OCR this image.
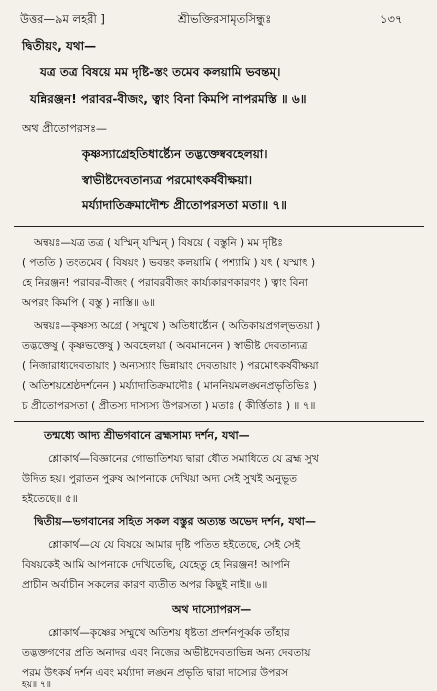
উত্তর—৯ম লহরী ]	শ্রীভক্তিরসামৃতসিন্ধুঃ	১৩৭
দ্বিতীয়ং, যথা—
যত্র তত্র বিষয়ে মম দৃষ্টি-স্তং তমেব কলয়ামি ভবন্তম্।
যন্নিরঞ্জন! পরাবর-বীজং, ত্বাং বিনা কিমপি নাপরমস্তি ॥ ৬॥
অথ প্রীতোপরসঃ—
কৃষ্ণস্যাগ্রেহতিধার্ষ্ট্যেন তদ্ভক্তেষ্ববহেলয়া।
স্বাভীষ্টদেবতান্যত্র পরমোৎকর্ষবীক্ষয়া।
মর্য্যাদাতিক্রমাদৌশ্চ প্রীতোপরসতা মতা॥ ৭॥
অন্বয়ঃ—যত্র তত্র ( যস্মিন্ যস্মিন্ ) বিষয়ে ( বস্তুনি ) মম দৃষ্টিঃ
( পততি ) তংতমেব ( বিষয়ং ) ভবন্তং কলয়ামি ( পশ্যামি ) যৎ ( যস্মাৎ )
হে নিরঞ্জন! পরাবর-বীজং ( পরাবরবীজং কার্য্যকারণকারণং ) ত্বাং বিনা
অপরং কিমপি ( বস্তু ) নাস্তি॥ ৬॥
অন্বয়ঃ—কৃষ্ণস্য অগ্রে ( সম্মুখে ) অতিধার্ষ্ট্যেন ( অতিকায়প্রগল্ভতয়া )
তদ্ভক্তেষু ( কৃষ্ণভক্তেষু ) অবহেলয়া ( অবমাননেন ) স্বাভীষ্ট দেবতান্যত্র
( নিজারাধ্যদেবতায়াং ) অন্যস্যাং ভিন্নায়াং দেবতায়াং ) পরমোৎকর্ষবীক্ষয়া
( অতিশয়শ্রেষ্ঠদর্শনেন ) মর্য্যাদাতিক্রমাদৌঃ ( মাননিয়মলঙ্ঘনপ্রভৃতিভিঃ )
চ প্রীতোপরসতা ( প্রীতস্য দাস্যস্য উপরসতা ) মতাঃ ( কীর্ত্তিতাঃ ) ॥ ৭॥
তন্মধ্যে আদ্য শ্রীভগবানে ব্রহ্মসাম্য দর্শন, যথা—
শ্লোকার্থ—বিজ্ঞানের গোভাতিশয্য দ্বারা ধৌত সমাধিতে যে ব্রহ্ম সুখ
উদিত হয়। পুরাতন পুরুষ আপনাকে দেখিয়া অদ্য সেই সুখই অনুভূত
হইতেছে॥ ৫॥
দ্বিতীয়—ভগবানের সহিত সকল বস্তুর অত্যন্ত অভেদ দর্শন, যথা—
শ্লোকার্থ—যে যে বিষয়ে আমার দৃষ্টি পতিত হইতেছে, সেই সেই
বিষয়কেই আমি আপনাকে দেখিতেছি, যেহেতু হে নিরঞ্জন! আপনি
প্রাচীন অর্বাচীন সকলের কারণ ব্যতীত অপর কিছুই নাই॥ ৬॥
অথ দাস্যোপরস—
শ্লোকার্থ—কৃষ্ণের সম্মুখে অতিশয় ধৃষ্টতা প্রদর্শনপূর্ব্বক তাঁহার
তদ্ভক্তগণের প্রতি অনাদর এবং নিজের অভীষ্টদেবতাভিন্ন অন্য দেবতায়
পরম উৎকর্ষ দর্শন এবং মর্য্যাদা লঙ্ঘন প্রভৃতি দ্বারা দাস্যের উপরস
হয়॥ ৭॥
